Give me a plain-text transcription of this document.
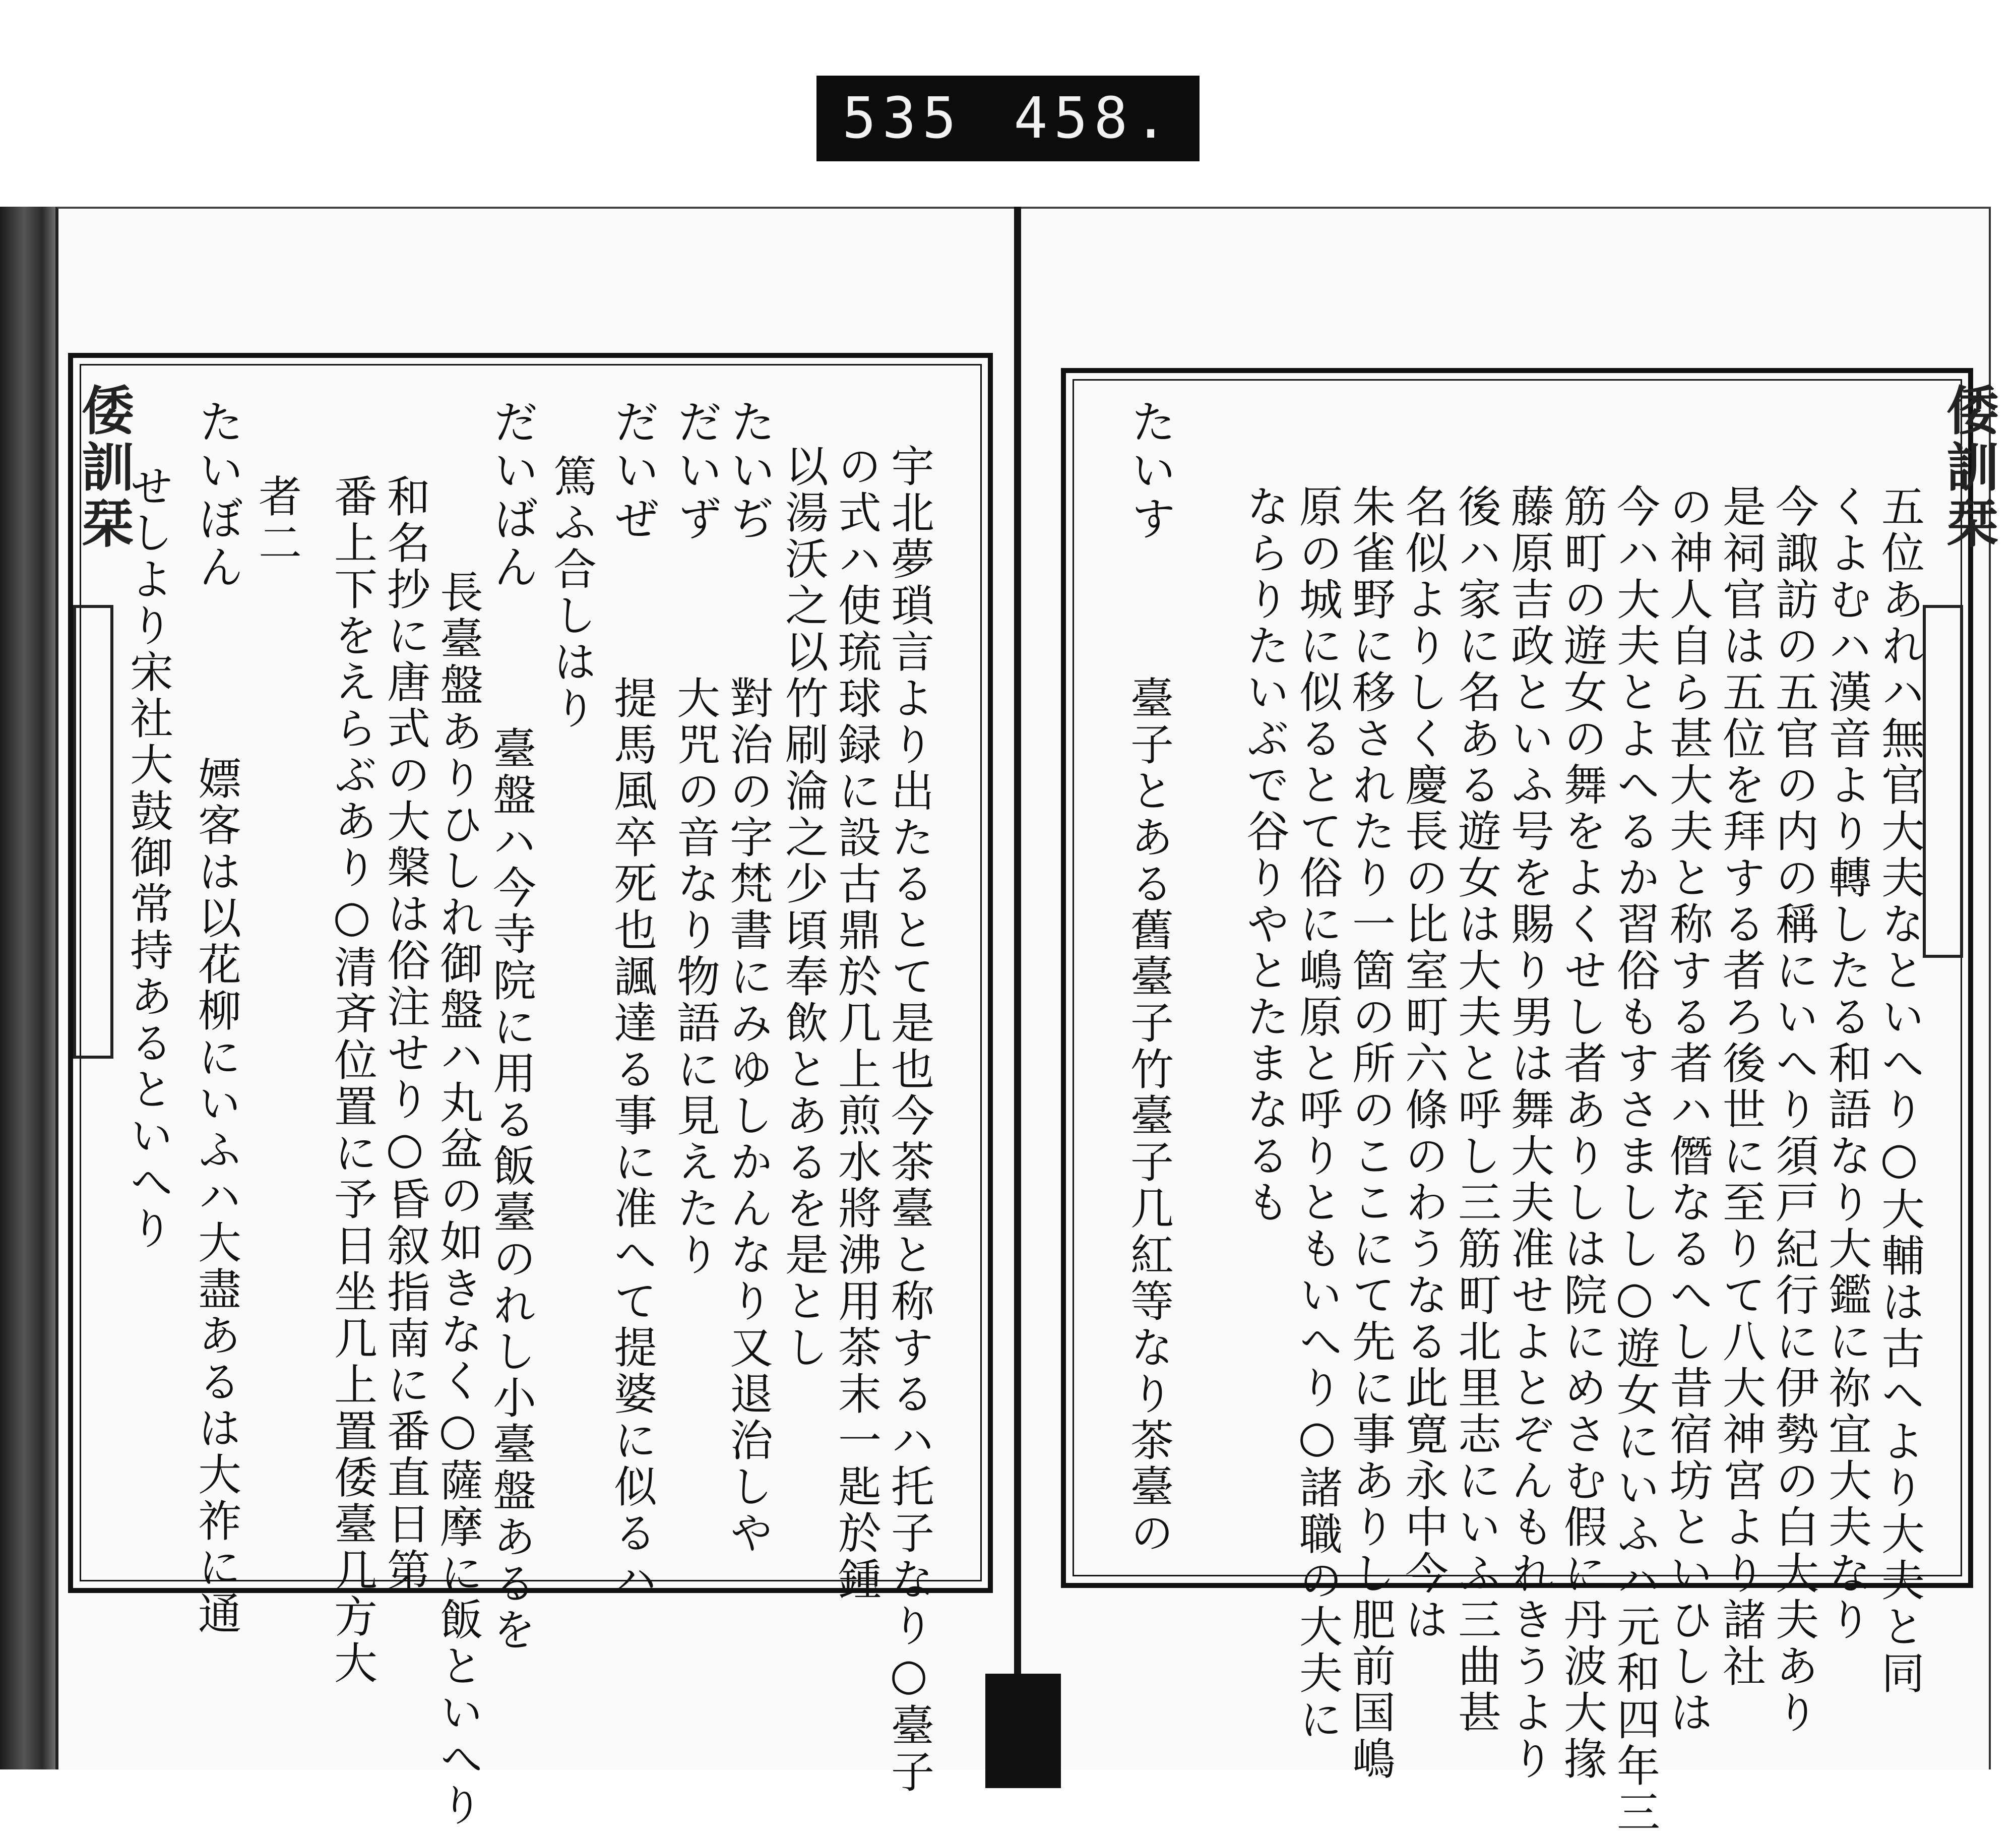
535 458.
倭訓栞	倭訓栞
五位あれハ無官大夫なといへり○大輔は古へより大夫と同
くよむハ漢音より轉したる和語なり大鑑に祢宜大夫なり
今諏訪の五官の内の稱にいへり須戸紀行に伊勢の白大夫あり
是祠官は五位を拜する者ろ後世に至りて八大神宮より諸社
の神人自ら甚大夫と称する者ハ僭なるへし昔宿坊といひしは
今ハ大夫とよへるか習俗もすさましし○遊女にいふハ元和四年三
筋町の遊女の舞をよくせし者ありしは院にめさむ假に丹波大掾
藤原吉政といふ号を賜り男は舞大夫准せよとぞんもれきうより
後ハ家に名ある遊女は大夫と呼し三筋町北里志にいふ三曲甚
名似よりしく慶長の比室町六條のわうなる此寛永中今は
朱雀野に移されたり一箇の所のここにて先に事ありし肥前国嶋
原の城に似るとて俗に嶋原と呼りともいへり○諸職の大夫に
ならりたいぶで谷りやとたまなるも
たいす
臺子とある舊臺子竹臺子几紅等なり茶臺の
宇北夢瑣言より出たるとて是也今茶臺と称するハ托子なり○臺子
の式ハ使琉球録に設古鼎於几上煎水將沸用茶末一匙於鍾
以湯沃之以竹刷淪之少頃奉飲とあるを是とし
たいぢ
對治の字梵書にみゆしかんなり又退治しや
だいず
大咒の音なり物語に見えたり
だいぜ
提馬風卒死也諷達る事に准へて提婆に似るハ
篤ふ合しはり
だいばん
臺盤ハ今寺院に用る飯臺のれし小臺盤あるを
長臺盤ありひしれ御盤ハ丸盆の如きなく○薩摩に飯といへり
和名抄に唐式の大槃は俗注せり○昏叙指南に番直日第
番上下をえらぶあり○清斉位置に予日坐几上置倭臺几方大
者二
たいぼん
せしより宋社大鼓御常持あるといへり 嫖客は以花柳にいふハ大盡あるは大祚に通
